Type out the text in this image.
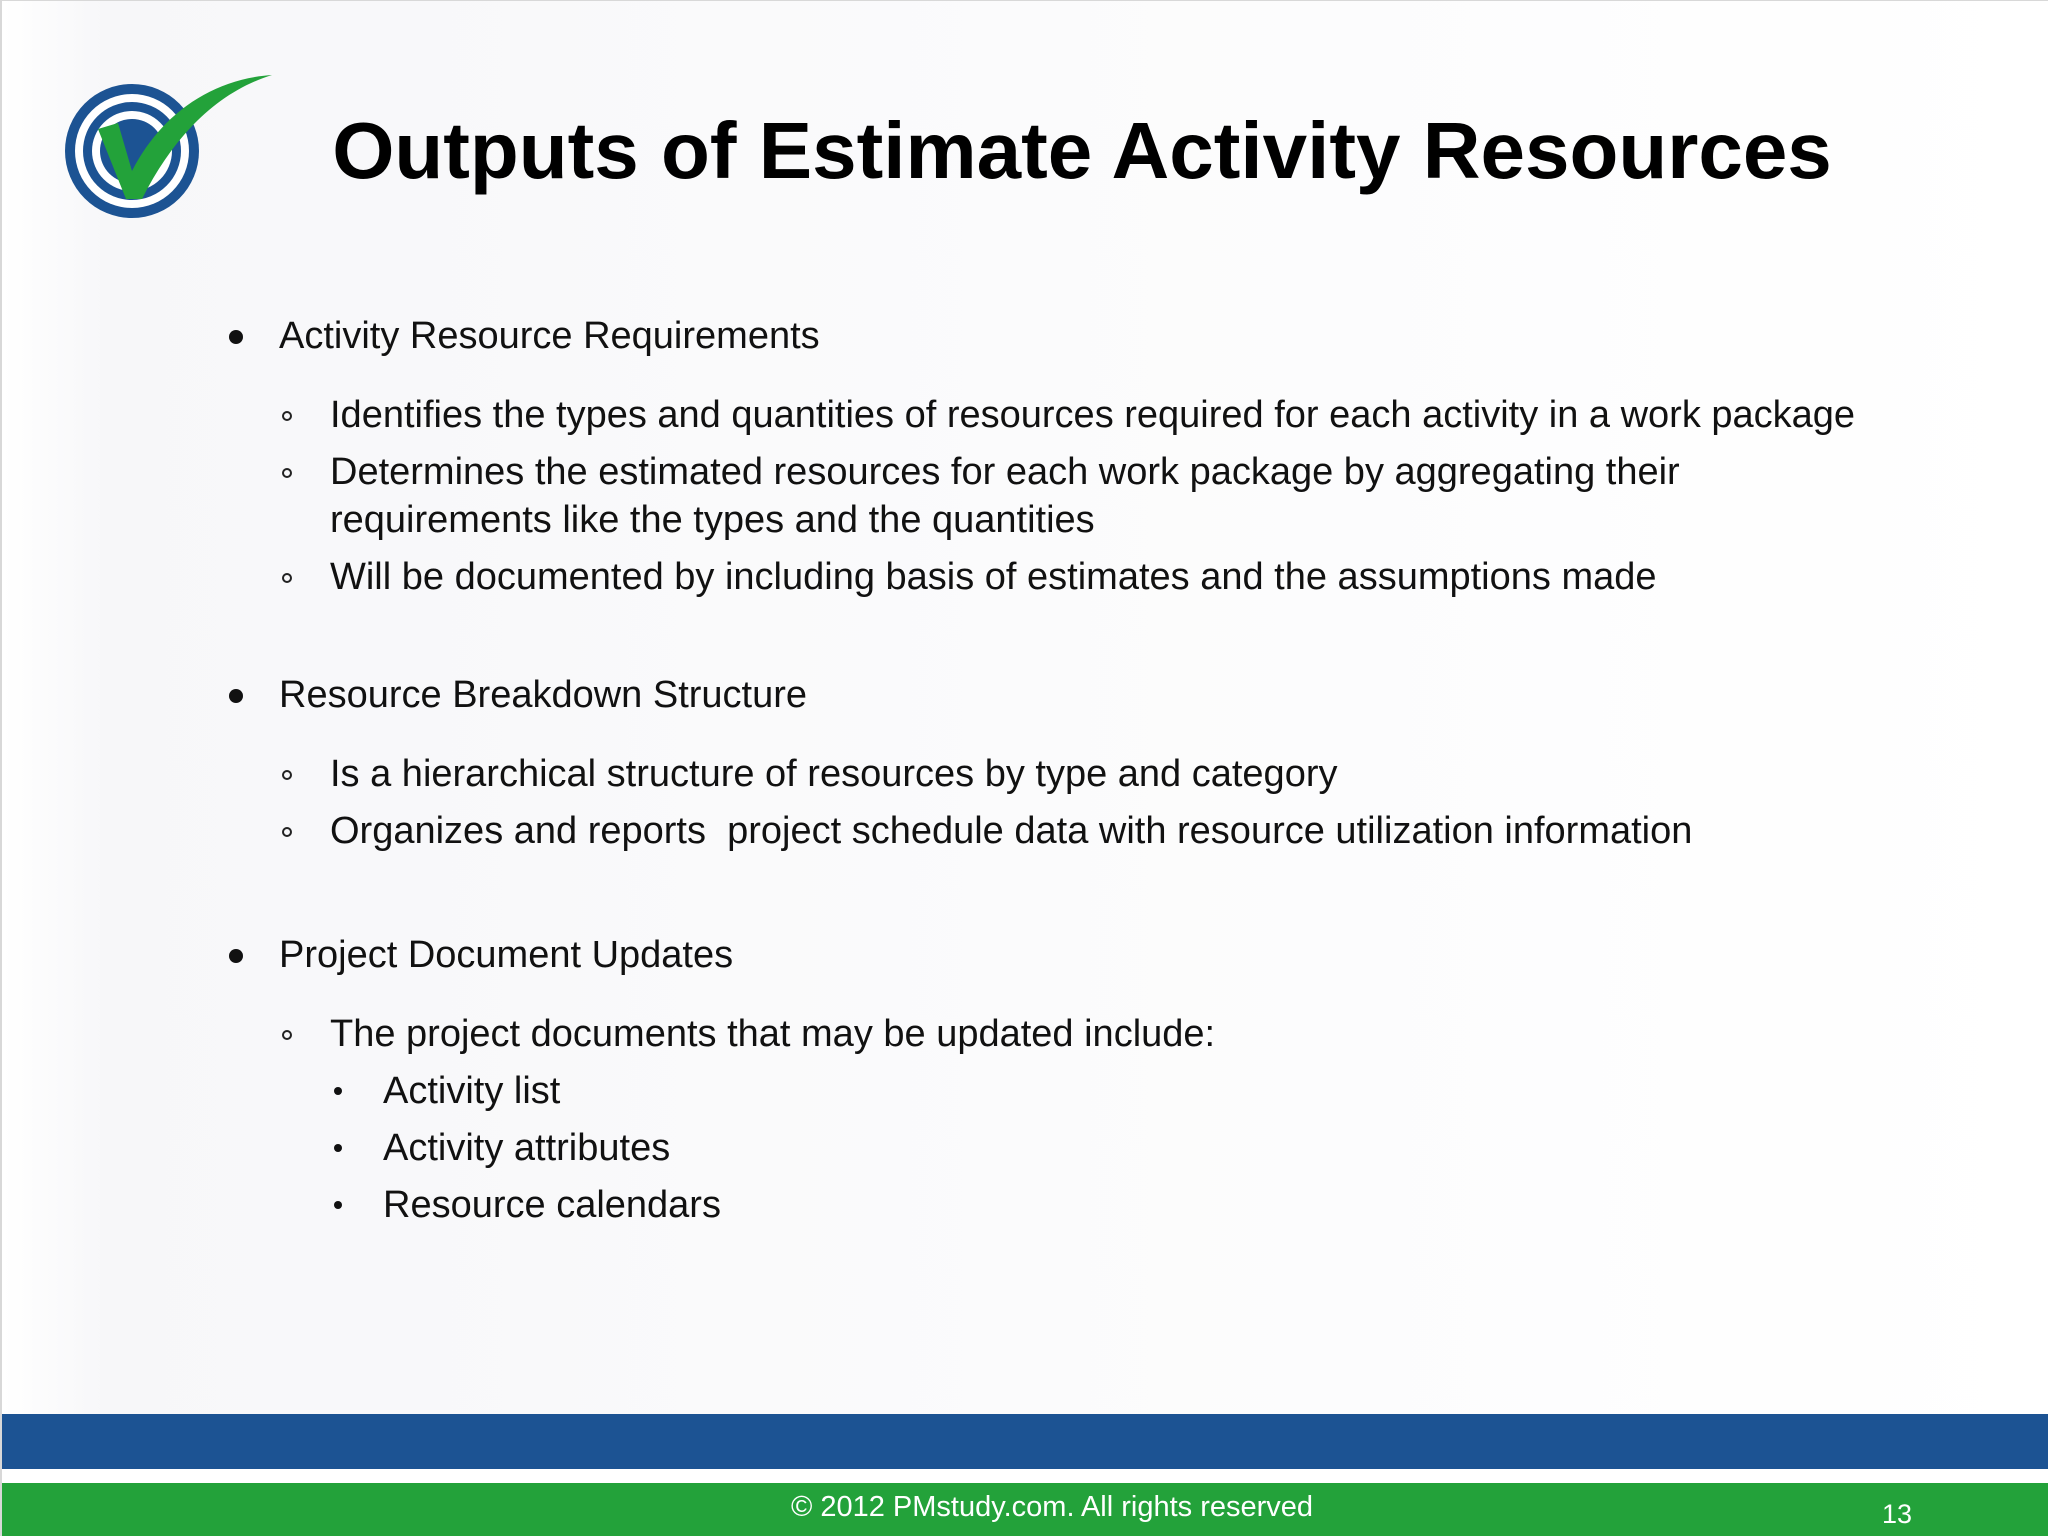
Outputs of Estimate Activity Resources
Activity Resource Requirements
Identifies the types and quantities of resources required for each activity in a work package
Determines the estimated resources for each work package by aggregating their requirements like the types and the quantities
Will be documented by including basis of estimates and the assumptions made
Resource Breakdown Structure
Is a hierarchical structure of resources by type and category
Organizes and reports  project schedule data with resource utilization information
Project Document Updates
The project documents that may be updated include:
Activity list
Activity attributes
Resource calendars
© 2012 PMstudy.com. All rights reserved	13
